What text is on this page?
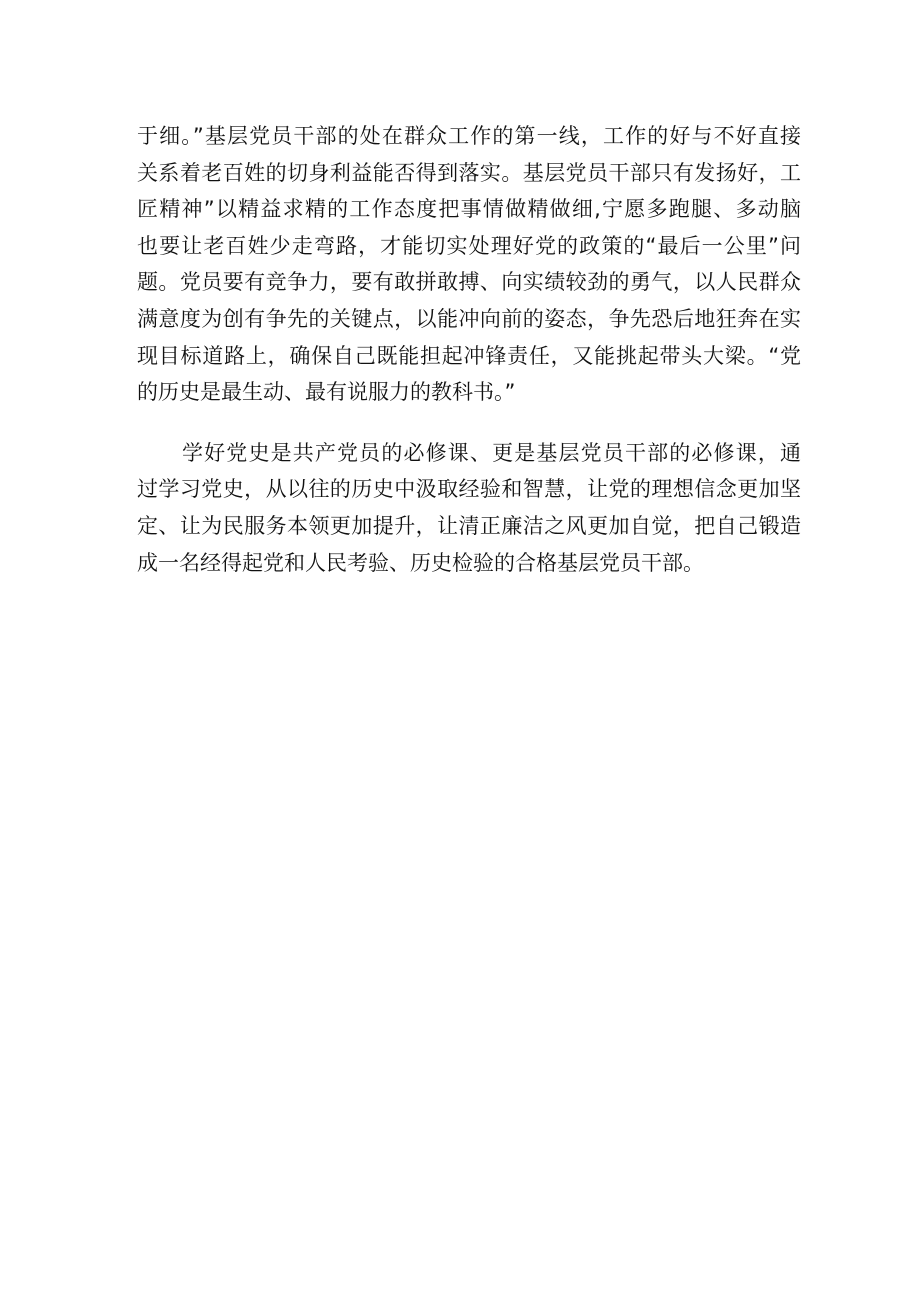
于细。”基层党员干部的处在群众工作的第一线，工作的好与不好直接
关系着老百姓的切身利益能否得到落实。基层党员干部只有发扬好，工
匠精神”以精益求精的工作态度把事情做精做细,宁愿多跑腿、多动脑
也要让老百姓少走弯路，才能切实处理好党的政策的“最后一公里”问
题。党员要有竞争力，要有敢拼敢搏、向实绩较劲的勇气，以人民群众
满意度为创有争先的关键点，以能冲向前的姿态，争先恐后地狂奔在实
现目标道路上，确保自己既能担起冲锋责任，又能挑起带头大梁。“党
的历史是最生动、最有说服力的教科书。”
学好党史是共产党员的必修课、更是基层党员干部的必修课，通
过学习党史，从以往的历史中汲取经验和智慧，让党的理想信念更加坚
定、让为民服务本领更加提升，让清正廉洁之风更加自觉，把自己锻造
成一名经得起党和人民考验、历史检验的合格基层党员干部。
